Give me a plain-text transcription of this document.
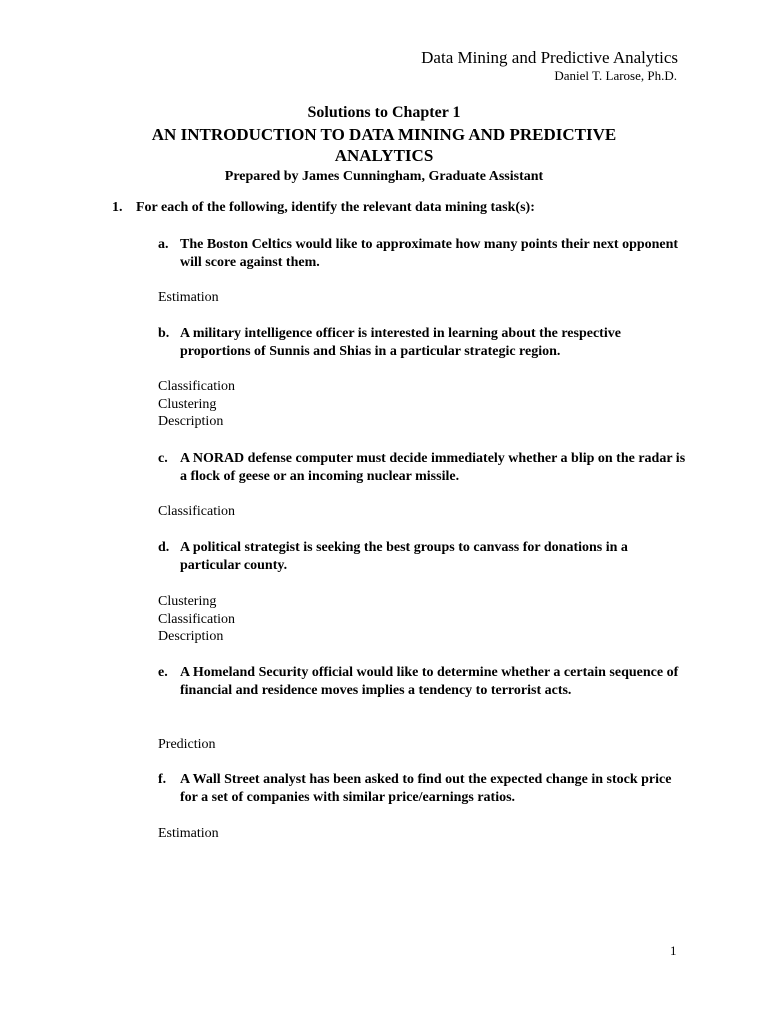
Data Mining and Predictive Analytics
Daniel T. Larose, Ph.D.
Solutions to Chapter 1
AN INTRODUCTION TO DATA MINING AND PREDICTIVE ANALYTICS
Prepared by James Cunningham, Graduate Assistant
1. For each of the following, identify the relevant data mining task(s):
a. The Boston Celtics would like to approximate how many points their next opponent will score against them.
Estimation
b. A military intelligence officer is interested in learning about the respective proportions of Sunnis and Shias in a particular strategic region.
Classification
Clustering
Description
c. A NORAD defense computer must decide immediately whether a blip on the radar is a flock of geese or an incoming nuclear missile.
Classification
d. A political strategist is seeking the best groups to canvass for donations in a particular county.
Clustering
Classification
Description
e. A Homeland Security official would like to determine whether a certain sequence of financial and residence moves implies a tendency to terrorist acts.
Prediction
f. A Wall Street analyst has been asked to find out the expected change in stock price for a set of companies with similar price/earnings ratios.
Estimation
1
